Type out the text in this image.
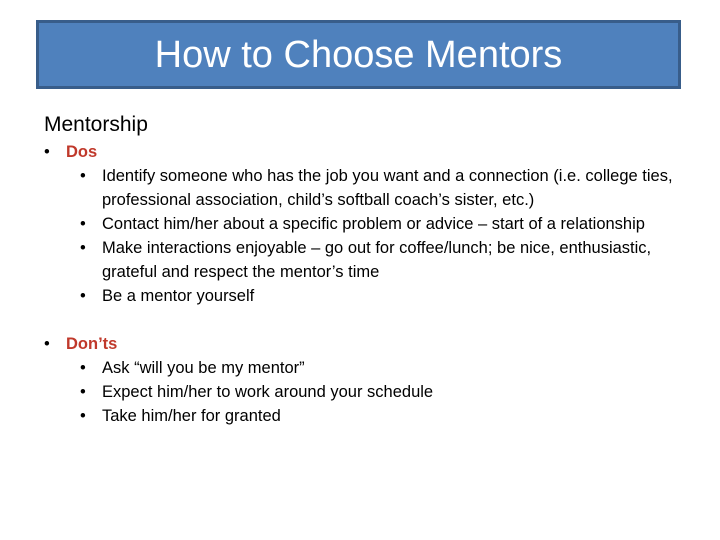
How to Choose Mentors
Mentorship
• Dos
• Identify someone who has the job you want and a connection (i.e. college ties, professional association, child’s softball coach’s sister, etc.)
• Contact him/her about a specific problem or advice – start of a relationship
• Make interactions enjoyable – go out for coffee/lunch; be nice, enthusiastic, grateful and respect the mentor’s time
• Be a mentor yourself
• Don’ts
• Ask “will you be my mentor”
• Expect him/her to work around your schedule
• Take him/her for granted
